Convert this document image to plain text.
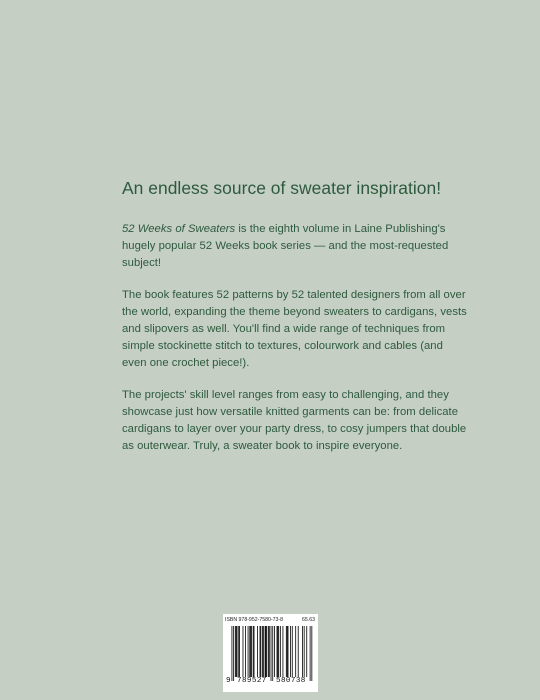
An endless source of sweater inspiration!

52 Weeks of Sweaters is the eighth volume in Laine Publishing's hugely popular 52 Weeks book series — and the most-requested subject!

The book features 52 patterns by 52 talented designers from all over the world, expanding the theme beyond sweaters to cardigans, vests and slipovers as well. You'll find a wide range of techniques from simple stockinette stitch to textures, colourwork and cables (and even one crochet piece!).

The projects' skill level ranges from easy to challenging, and they showcase just how versatile knitted garments can be: from delicate cardigans to layer over your party dress, to cosy jumpers that double as outerwear. Truly, a sweater book to inspire everyone.

ISBN 978-952-7580-73-8	65.63
9 789527 580738
